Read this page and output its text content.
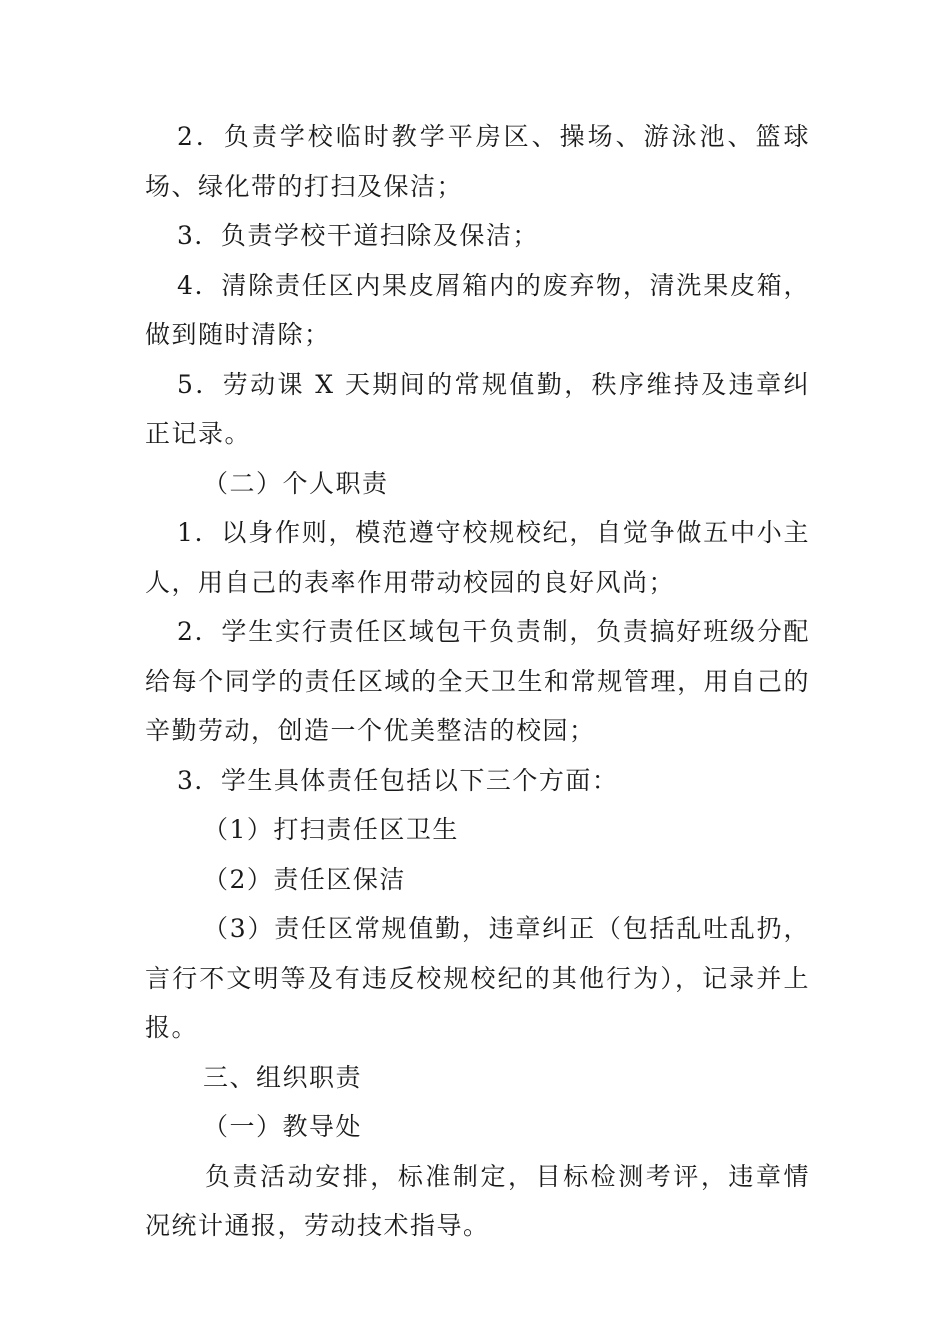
2．负责学校临时教学平房区、操场、游泳池、篮球场、绿化带的打扫及保洁；

3．负责学校干道扫除及保洁；

4．清除责任区内果皮屑箱内的废弃物，清洗果皮箱，做到随时清除；

5．劳动课 X 天期间的常规值勤，秩序维持及违章纠正记录。

（二）个人职责

1．以身作则，模范遵守校规校纪，自觉争做五中小主人，用自己的表率作用带动校园的良好风尚；

2．学生实行责任区域包干负责制，负责搞好班级分配给每个同学的责任区域的全天卫生和常规管理，用自己的辛勤劳动，创造一个优美整洁的校园；

3．学生具体责任包括以下三个方面：

（1）打扫责任区卫生

（2）责任区保洁

（3）责任区常规值勤，违章纠正（包括乱吐乱扔，言行不文明等及有违反校规校纪的其他行为），记录并上报。

三、组织职责

（一）教导处

负责活动安排，标准制定，目标检测考评，违章情况统计通报，劳动技术指导。
